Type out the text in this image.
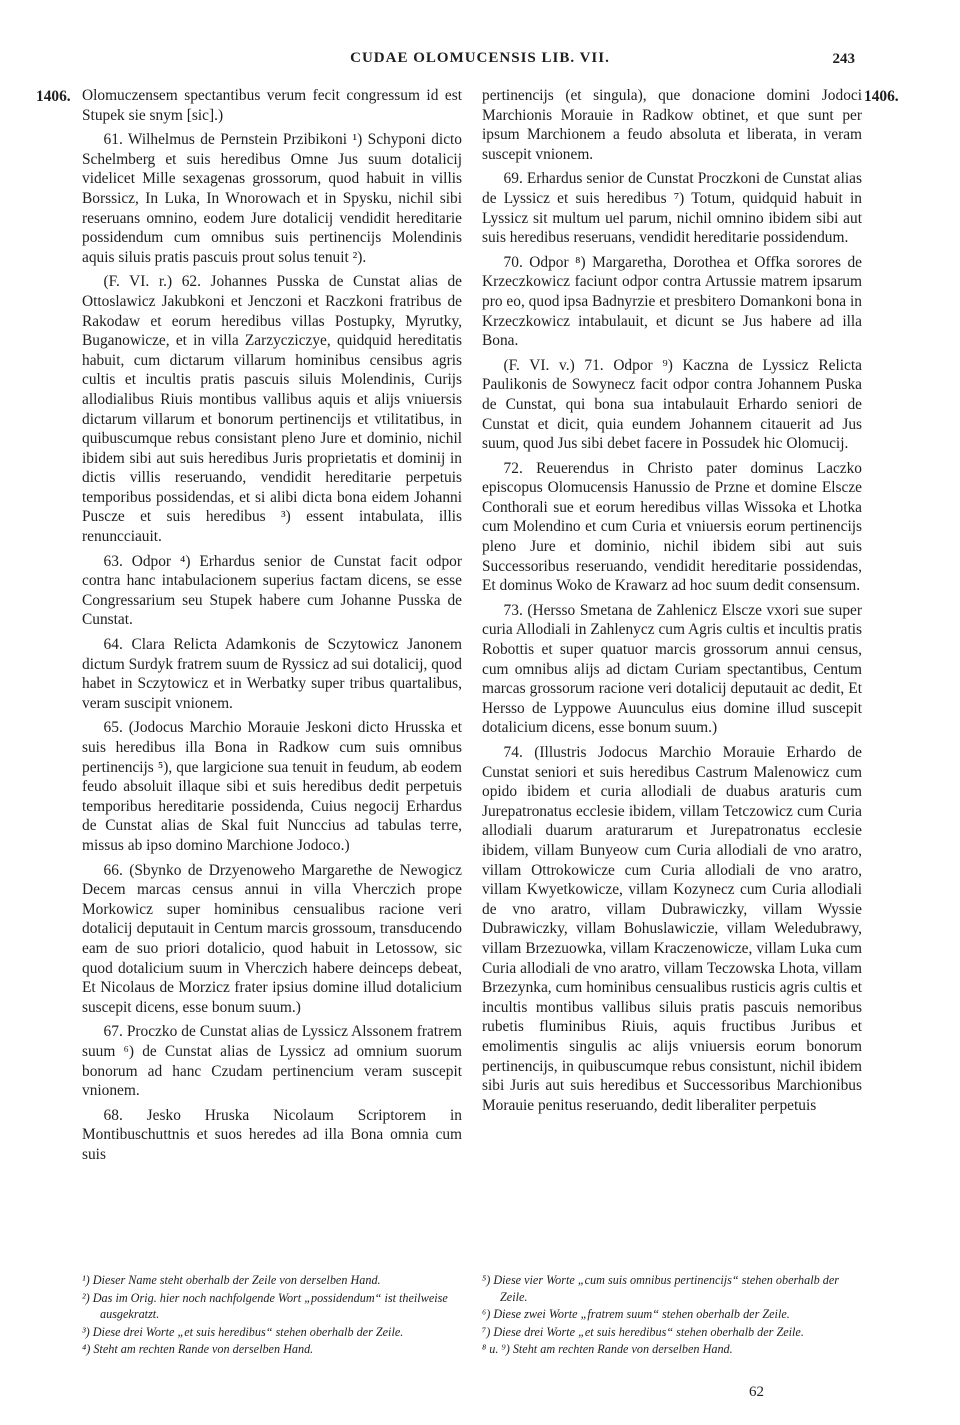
CUDAE OLOMUCENSIS LIB. VII.	243
1406.	1406.

Olomuczensem spectantibus verum fecit congressum id est Stupek sie snym [sic].)

61. Wilhelmus de Pernstein Przibikoni ¹) Schyponi dicto Schelmberg et suis heredibus Omne Jus suum dotalicij videlicet Mille sexagenas grossorum, quod habuit in villis Borssicz, In Luka, In Wnorowach et in Spysku, nichil sibi reseruans omnino, eodem Jure dotalicij vendidit hereditarie possidendum cum omnibus suis pertinencijs Molendinis aquis siluis pratis pascuis prout solus tenuit ²).

(F. VI. r.) 62. Johannes Pusska de Cunstat alias de Ottoslawicz Jakubkoni et Jenczoni et Raczkoni fratribus de Rakodaw et eorum heredibus villas Postupky, Myrutky, Buganowicze, et in villa Zarzycziczye, quidquid hereditatis habuit, cum dictarum villarum hominibus censibus agris cultis et incultis pratis pascuis siluis Molendinis, Curijs allodialibus Riuis montibus vallibus aquis et alijs vniuersis dictarum villarum et bonorum pertinencijs et vtilitatibus, in quibuscumque rebus consistant pleno Jure et dominio, nichil ibidem sibi aut suis heredibus Juris proprietatis et dominij in dictis villis reseruando, vendidit hereditarie perpetuis temporibus possidendas, et si alibi dicta bona eidem Johanni Puscze et suis heredibus ³) essent intabulata, illis renuncciauit.

63. Odpor ⁴) Erhardus senior de Cunstat facit odpor contra hanc intabulacionem superius factam dicens, se esse Congressarium seu Stupek habere cum Johanne Pusska de Cunstat.

64. Clara Relicta Adamkonis de Sczytowicz Janonem dictum Surdyk fratrem suum de Ryssicz ad sui dotalicij, quod habet in Sczytowicz et in Werbatky super tribus quartalibus, veram suscipit vnionem.

65. (Jodocus Marchio Morauie Jeskoni dicto Hrusska et suis heredibus illa Bona in Radkow cum suis omnibus pertinencijs ⁵), que largicione sua tenuit in feudum, ab eodem feudo absoluit illaque sibi et suis heredibus dedit perpetuis temporibus hereditarie possidenda, Cuius negocij Erhardus de Cunstat alias de Skal fuit Nunccius ad tabulas terre, missus ab ipso domino Marchione Jodoco.)

66. (Sbynko de Drzyenoweho Margarethe de Newogicz Decem marcas census annui in villa Vherczich prope Morkowicz super hominibus censualibus racione veri dotalicij deputauit in Centum marcis grossoum, transducendo eam de suo priori dotalicio, quod habuit in Letossow, sic quod dotalicium suum in Vherczich habere deinceps debeat, Et Nicolaus de Morzicz frater ipsius domine illud dotalicium suscepit dicens, esse bonum suum.)

67. Proczko de Cunstat alias de Lyssicz Alssonem fratrem suum ⁶) de Cunstat alias de Lyssicz ad omnium suorum bonorum ad hanc Czudam pertinencium veram suscepit vnionem.

68. Jesko Hruska Nicolaum Scriptorem in Montibuschuttnis et suos heredes ad illa Bona omnia cum suis

pertinencijs (et singula), que donacione domini Jodoci Marchionis Morauie in Radkow obtinet, et que sunt per ipsum Marchionem a feudo absoluta et liberata, in veram suscepit vnionem.

69. Erhardus senior de Cunstat Proczkoni de Cunstat alias de Lyssicz et suis heredibus ⁷) Totum, quidquid habuit in Lyssicz sit multum uel parum, nichil omnino ibidem sibi aut suis heredibus reseruans, vendidit hereditarie possidendum.

70. Odpor ⁸) Margaretha, Dorothea et Offka sorores de Krzeczkowicz faciunt odpor contra Artussie matrem ipsarum pro eo, quod ipsa Badnyrzie et presbitero Domankoni bona in Krzeczkowicz intabulauit, et dicunt se Jus habere ad illa Bona.

(F. VI. v.) 71. Odpor ⁹) Kaczna de Lyssicz Relicta Paulikonis de Sowynecz facit odpor contra Johannem Puska de Cunstat, qui bona sua intabulauit Erhardo seniori de Cunstat et dicit, quia eundem Johannem citauerit ad Jus suum, quod Jus sibi debet facere in Possudek hic Olomucij.

72. Reuerendus in Christo pater dominus Laczko episcopus Olomucensis Hanussio de Przne et domine Elscze Conthorali sue et eorum heredibus villas Wissoka et Lhotka cum Molendino et cum Curia et vniuersis eorum pertinencijs pleno Jure et dominio, nichil ibidem sibi aut suis Successoribus reseruando, vendidit hereditarie possidendas, Et dominus Woko de Krawarz ad hoc suum dedit consensum.

73. (Hersso Smetana de Zahlenicz Elscze vxori sue super curia Allodiali in Zahlenycz cum Agris cultis et incultis pratis Robottis et super quatuor marcis grossorum annui census, cum omnibus alijs ad dictam Curiam spectantibus, Centum marcas grossorum racione veri dotalicij deputauit ac dedit, Et Hersso de Lyppowe Auunculus eius domine illud suscepit dotalicium dicens, esse bonum suum.)

74. (Illustris Jodocus Marchio Morauie Erhardo de Cunstat seniori et suis heredibus Castrum Malenowicz cum opido ibidem et curia allodiali de duabus araturis cum Jurepatronatus ecclesie ibidem, villam Tetczowicz cum Curia allodiali duarum araturarum et Jurepatronatus ecclesie ibidem, villam Bunyeow cum Curia allodiali de vno aratro, villam Ottrokowicze cum Curia allodiali de vno aratro, villam Kwyetkowicze, villam Kozynecz cum Curia allodiali de vno aratro, villam Dubrawiczky, villam Wyssie Dubrawiczky, villam Bohuslawiczie, villam Weledubrawy, villam Brzezuowka, villam Kraczenowicze, villam Luka cum Curia allodiali de vno aratro, villam Teczowska Lhota, villam Brzezynka, cum hominibus censualibus rusticis agris cultis et incultis montibus vallibus siluis pratis pascuis nemoribus rubetis fluminibus Riuis, aquis fructibus Juribus et emolimentis singulis ac alijs vniuersis eorum bonorum pertinencijs, in quibuscumque rebus consistunt, nichil ibidem sibi Juris aut suis heredibus et Successoribus Marchionibus Morauie penitus reseruando, dedit liberaliter perpetuis

¹) Dieser Name steht oberhalb der Zeile von derselben Hand.

²) Das im Orig. hier noch nachfolgende Wort „possidendum“ ist theilweise ausgekratzt.

³) Diese drei Worte „et suis heredibus“ stehen oberhalb der Zeile.

⁴) Steht am rechten Rande von derselben Hand.

⁵) Diese vier Worte „cum suis omnibus pertinencijs“ stehen oberhalb der Zeile.

⁶) Diese zwei Worte „fratrem suum“ stehen oberhalb der Zeile.

⁷) Diese drei Worte „et suis heredibus“ stehen oberhalb der Zeile.

⁸ u. ⁹) Steht am rechten Rande von derselben Hand.

62
